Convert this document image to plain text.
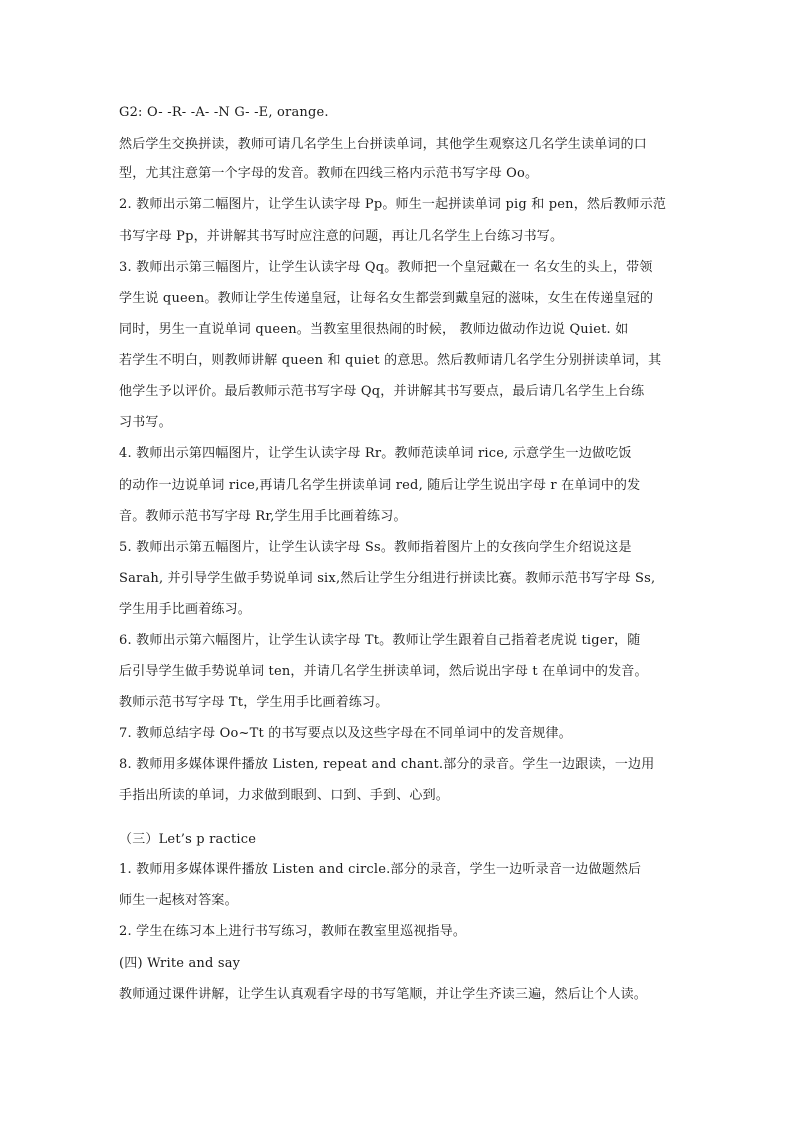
G2: O- -R- -A- -N G- -E, orange.
然后学生交换拼读，教师可请几名学生上台拼读单词，其他学生观察这几名学生读单词的口
型，尤其注意第一个字母的发音。教师在四线三格内示范书写字母 Oo。
2. 教师出示第二幅图片，让学生认读字母 Pp。师生一起拼读单词 pig 和 pen，然后教师示范
书写字母 Pp，并讲解其书写时应注意的问题，再让几名学生上台练习书写。
3. 教师出示第三幅图片，让学生认读字母 Qq。教师把一个皇冠戴在一 名女生的头上，带领
学生说 queen。教师让学生传递皇冠，让每名女生都尝到戴皇冠的滋味，女生在传递皇冠的
同时，男生一直说单词 queen。当教室里很热闹的时候， 教师边做动作边说 Quiet. 如
若学生不明白，则教师讲解 queen 和 quiet 的意思。然后教师请几名学生分别拼读单词，其
他学生予以评价。最后教师示范书写字母 Qq，并讲解其书写要点，最后请几名学生上台练
习书写。
4. 教师出示第四幅图片，让学生认读字母 Rr。教师范读单词 rice, 示意学生一边做吃饭
的动作一边说单词 rice,再请几名学生拼读单词 red, 随后让学生说出字母 r 在单词中的发
音。教师示范书写字母 Rr,学生用手比画着练习。
5. 教师出示第五幅图片，让学生认读字母 Ss。教师指着图片上的女孩向学生介绍说这是
Sarah, 并引导学生做手势说单词 six,然后让学生分组进行拼读比赛。教师示范书写字母 Ss,
学生用手比画着练习。
6. 教师出示第六幅图片，让学生认读字母 Tt。教师让学生跟着自己指着老虎说 tiger，随
后引导学生做手势说单词 ten，并请几名学生拼读单词，然后说出字母 t 在单词中的发音。
教师示范书写字母 Tt，学生用手比画着练习。
7. 教师总结字母 Oo~Tt 的书写要点以及这些字母在不同单词中的发音规律。
8. 教师用多媒体课件播放 Listen, repeat and chant.部分的录音。学生一边跟读，一边用
手指出所读的单词，力求做到眼到、口到、手到、心到。
（三）Let’s p ractice
1. 教师用多媒体课件播放 Listen and circle.部分的录音，学生一边听录音一边做题然后
师生一起核对答案。
2. 学生在练习本上进行书写练习，教师在教室里巡视指导。
(四) Write and say
教师通过课件讲解，让学生认真观看字母的书写笔顺，并让学生齐读三遍，然后让个人读。
